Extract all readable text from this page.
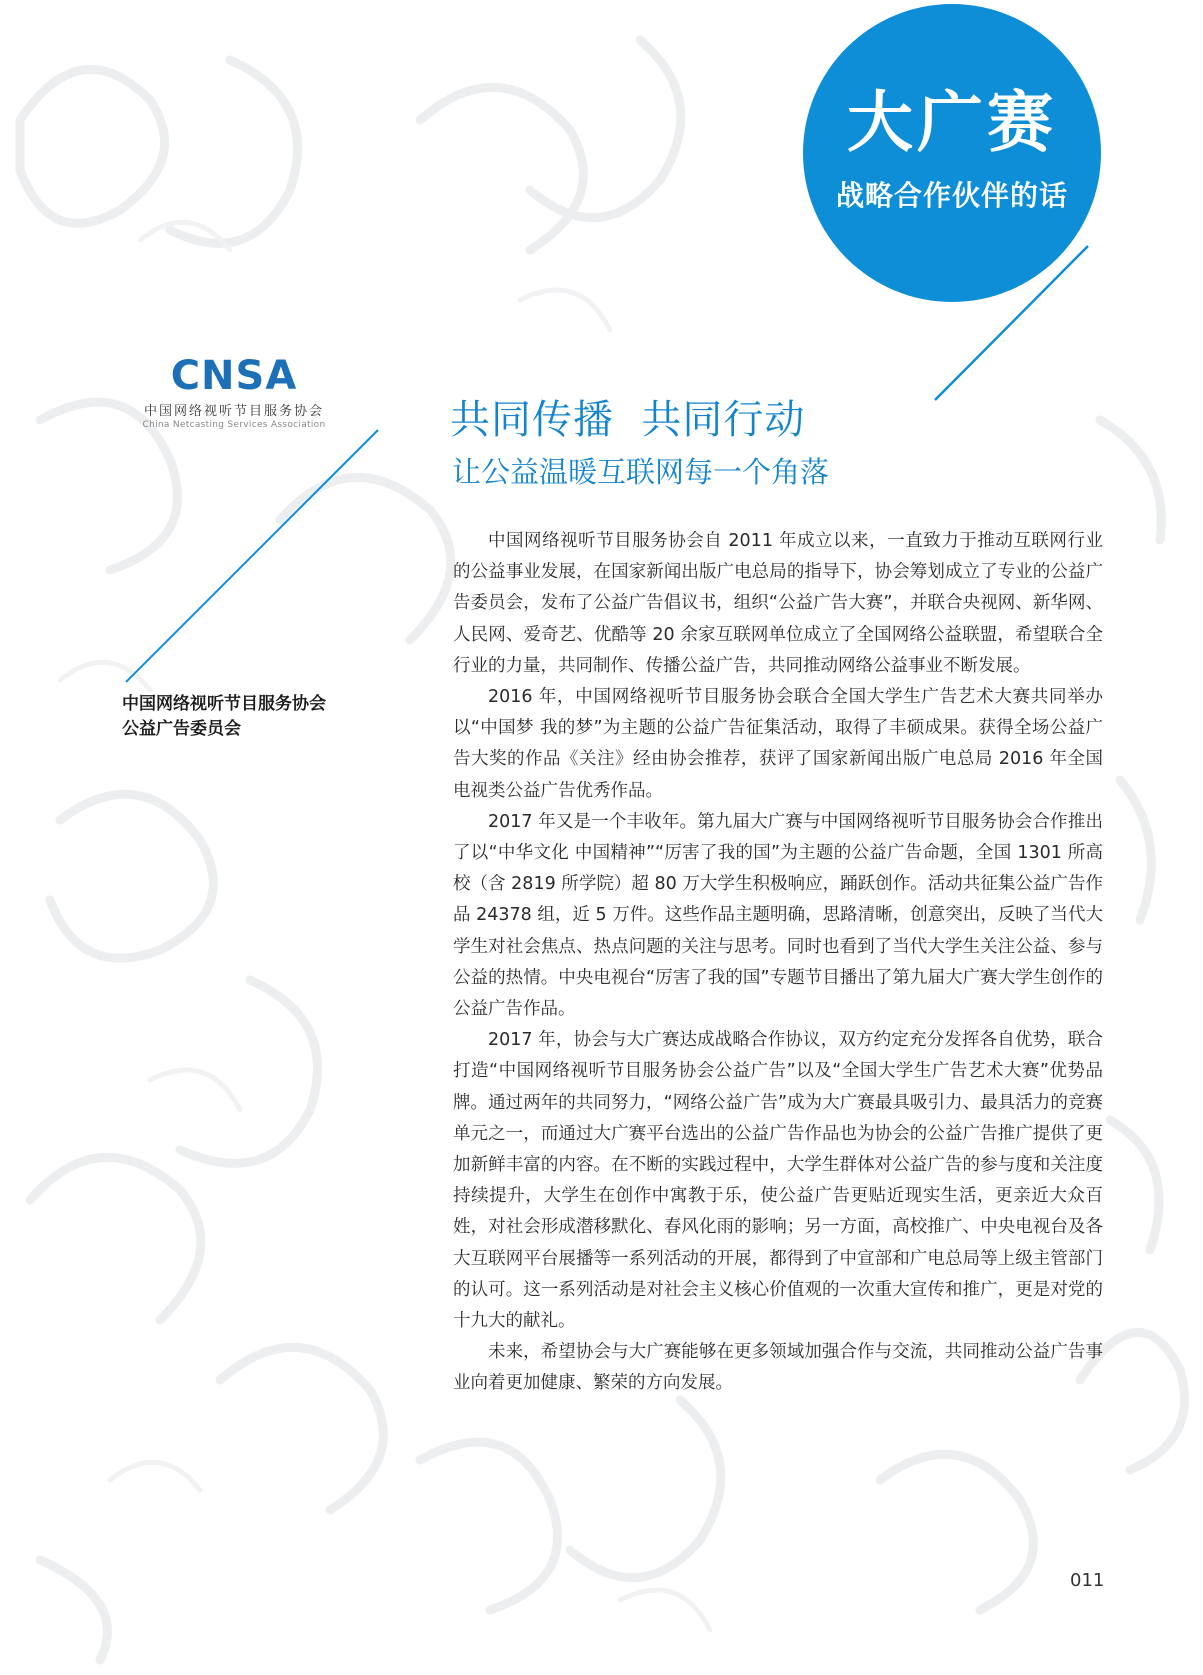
大广赛
战略合作伙伴的话
CNSA
中国网络视听节目服务协会
China Netcasting Services Association
中国网络视听节目服务协会
公益广告委员会
共同传播  共同行动
让公益温暖互联网每一个角落

中国网络视听节目服务协会自 2011 年成立以来，一直致力于推动互联网行业的公益事业发展，在国家新闻出版广电总局的指导下，协会筹划成立了专业的公益广告委员会，发布了公益广告倡议书，组织“公益广告大赛”，并联合央视网、新华网、人民网、爱奇艺、优酷等 20 余家互联网单位成立了全国网络公益联盟，希望联合全行业的力量，共同制作、传播公益广告，共同推动网络公益事业不断发展。

2016 年，中国网络视听节目服务协会联合全国大学生广告艺术大赛共同举办以“中国梦 我的梦”为主题的公益广告征集活动，取得了丰硕成果。获得全场公益广告大奖的作品《关注》经由协会推荐，获评了国家新闻出版广电总局 2016 年全国电视类公益广告优秀作品。

2017 年又是一个丰收年。第九届大广赛与中国网络视听节目服务协会合作推出了以“中华文化 中国精神”“厉害了我的国”为主题的公益广告命题，全国 1301 所高校（含 2819 所学院）超 80 万大学生积极响应，踊跃创作。活动共征集公益广告作品 24378 组，近 5 万件。这些作品主题明确，思路清晰，创意突出，反映了当代大学生对社会焦点、热点问题的关注与思考。同时也看到了当代大学生关注公益、参与公益的热情。中央电视台“厉害了我的国”专题节目播出了第九届大广赛大学生创作的公益广告作品。

2017 年，协会与大广赛达成战略合作协议，双方约定充分发挥各自优势，联合打造“中国网络视听节目服务协会公益广告”以及“全国大学生广告艺术大赛”优势品牌。通过两年的共同努力，“网络公益广告”成为大广赛最具吸引力、最具活力的竞赛单元之一，而通过大广赛平台选出的公益广告作品也为协会的公益广告推广提供了更加新鲜丰富的内容。在不断的实践过程中，大学生群体对公益广告的参与度和关注度持续提升，大学生在创作中寓教于乐，使公益广告更贴近现实生活，更亲近大众百姓，对社会形成潜移默化、春风化雨的影响；另一方面，高校推广、中央电视台及各大互联网平台展播等一系列活动的开展，都得到了中宣部和广电总局等上级主管部门的认可。这一系列活动是对社会主义核心价值观的一次重大宣传和推广，更是对党的十九大的献礼。

未来，希望协会与大广赛能够在更多领域加强合作与交流，共同推动公益广告事业向着更加健康、繁荣的方向发展。

011
